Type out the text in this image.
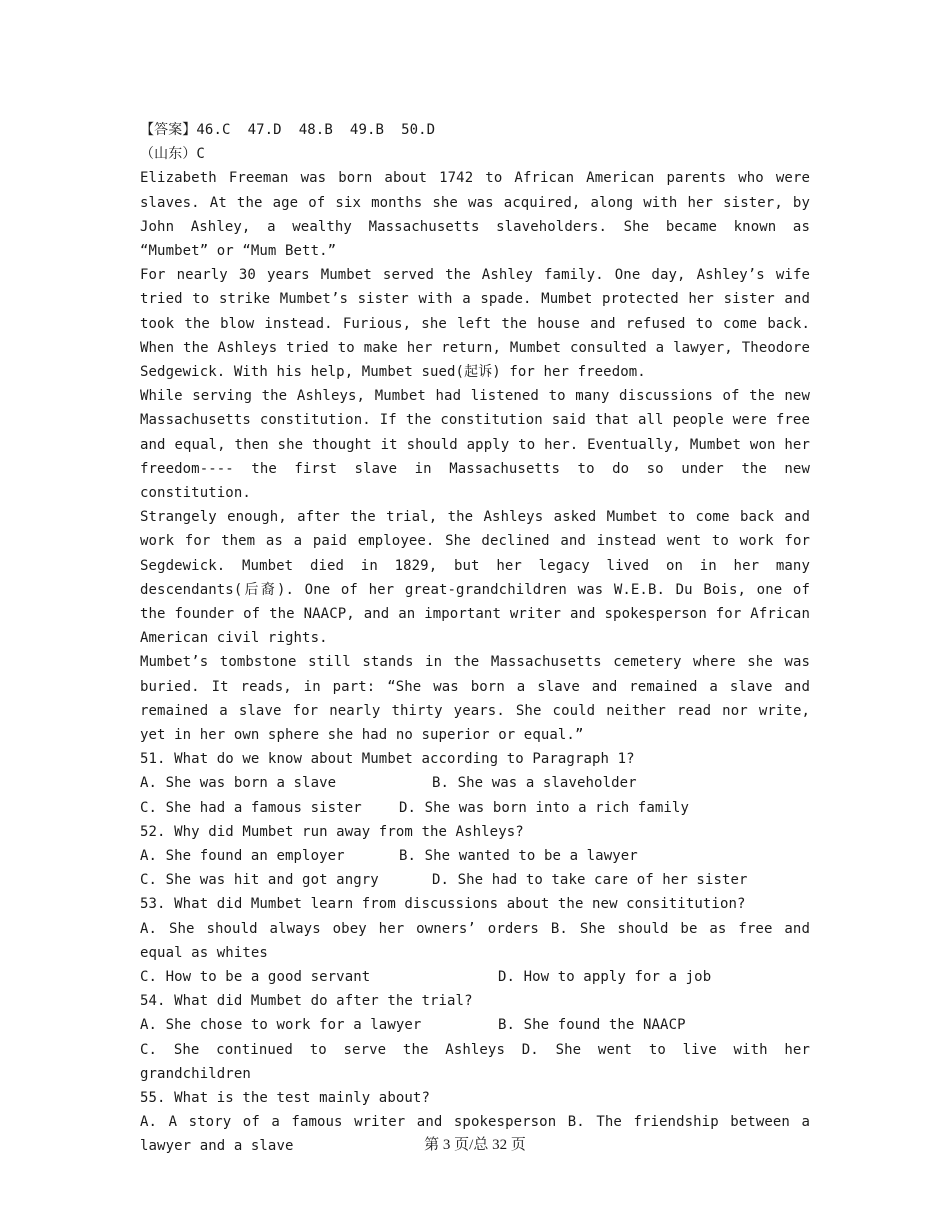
【答案】46.C  47.D  48.B  49.B  50.D
（山东）C
Elizabeth Freeman was born about 1742 to African American parents who were slaves. At the age of six months she was acquired, along with her sister, by John Ashley, a wealthy Massachusetts slaveholders. She became known as “Mumbet” or “Mum Bett.”
For nearly 30 years Mumbet served the Ashley family. One day, Ashley’s wife tried to strike Mumbet’s sister with a spade. Mumbet protected her sister and took the blow instead. Furious, she left the house and refused to come back. When the Ashleys tried to make her return, Mumbet consulted a lawyer, Theodore Sedgewick. With his help, Mumbet sued(起诉) for her freedom.
While serving the Ashleys, Mumbet had listened to many discussions of the new Massachusetts constitution. If the constitution said that all people were free and equal, then she thought it should apply to her. Eventually, Mumbet won her freedom---- the first slave in Massachusetts to do so under the new constitution.
Strangely enough, after the trial, the Ashleys asked Mumbet to come back and work for them as a paid employee. She declined and instead went to work for Segdewick. Mumbet died in 1829, but her legacy lived on in her many descendants(后裔). One of her great-grandchildren was W.E.B. Du Bois, one of the founder of the NAACP, and an important writer and spokesperson for African American civil rights.
Mumbet’s tombstone still stands in the Massachusetts cemetery where she was buried. It reads, in part: “She was born a slave and remained a slave and remained a slave for nearly thirty years. She could neither read nor write, yet in her own sphere she had no superior or equal.”
51. What do we know about Mumbet according to Paragraph 1?
A. She was born a slave	B. She was a slaveholder
C. She had a famous sister	D. She was born into a rich family
52. Why did Mumbet run away from the Ashleys?
A. She found an employer	B. She wanted to be a lawyer
C. She was hit and got angry	D. She had to take care of her sister
53. What did Mumbet learn from discussions about the new consititution?
A. She should always obey her owners’ orders B. She should be as free and equal as whites
C. How to be a good servant	D. How to apply for a job
54. What did Mumbet do after the trial?
A. She chose to work for a lawyer	B. She found the NAACP
C. She continued to serve the Ashleys D. She went to live with her grandchildren
55. What is the test mainly about?
A. A story of a famous writer and spokesperson B. The friendship between a lawyer and a slave	第 3 页/总 32 页
